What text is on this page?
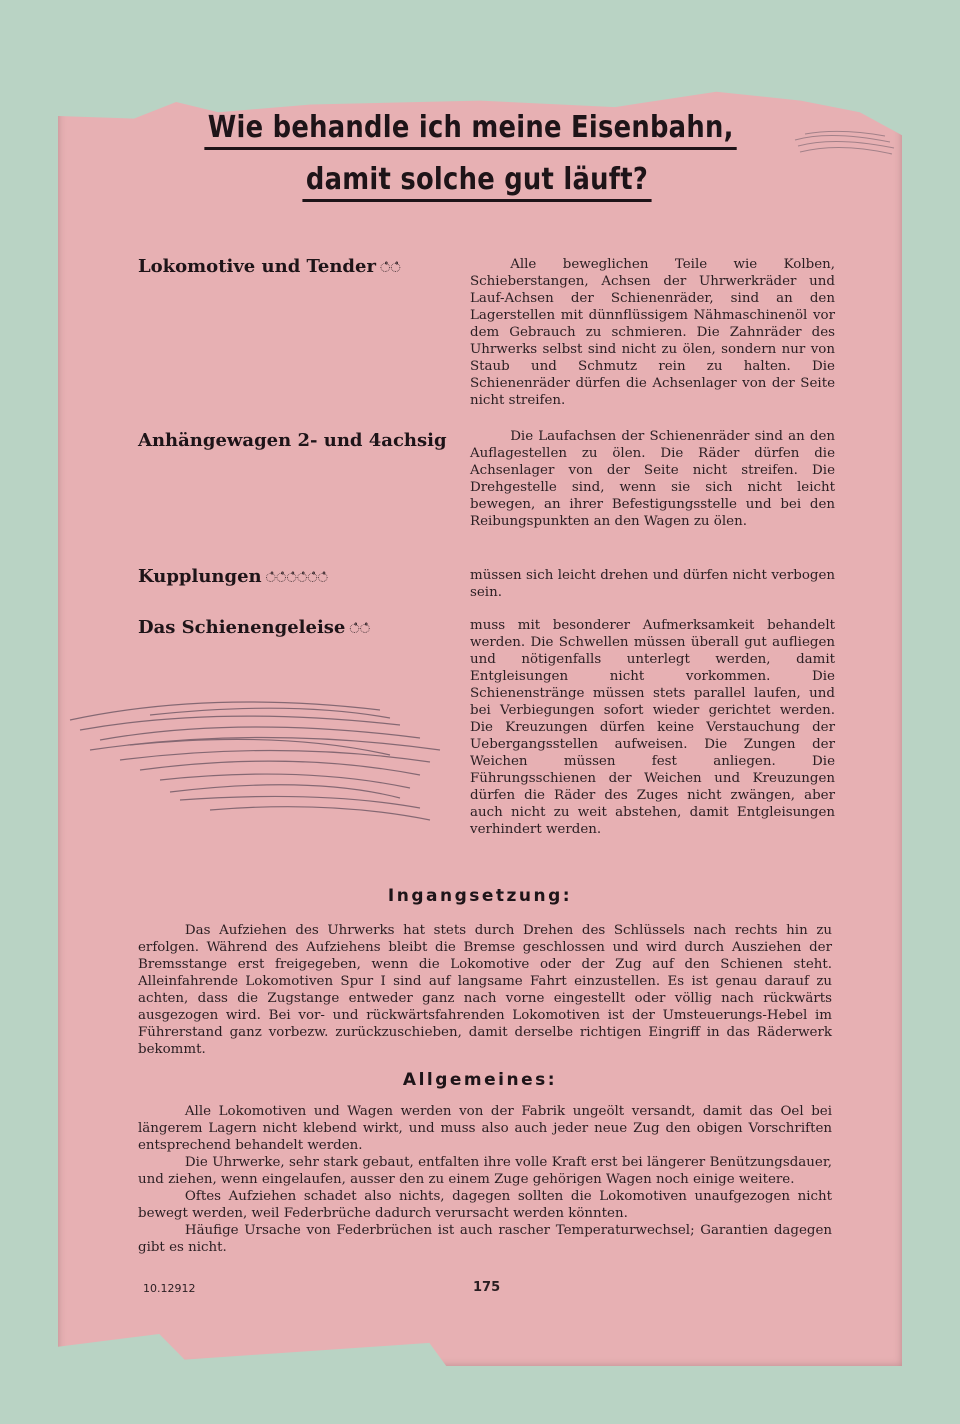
Wie behandle ich meine Eisenbahn,
damit solche gut läuft?
Lokomotive und Tender ഀഀഀഀ	Alle beweglichen Teile wie Kolben, Schieberstangen, Achsen der Uhrwerkräder und Lauf-Achsen der Schienenräder, sind an den Lagerstellen mit dünnflüssigem Nähmaschinenöl vor dem Gebrauch zu schmieren. Die Zahnräder des Uhrwerks selbst sind nicht zu ölen, sondern nur von Staub und Schmutz rein zu halten. Die Schienenräder dürfen die Achsenlager von der Seite nicht streifen.
Anhängewagen 2- und 4achsig	Die Laufachsen der Schienenräder sind an den Auflagestellen zu ölen. Die Räder dürfen die Achsenlager von der Seite nicht streifen. Die Drehgestelle sind, wenn sie sich nicht leicht bewegen, an ihrer Befestigungsstelle und bei den Reibungspunkten an den Wagen zu ölen.
Kupplungen ഀഀഀഀഀഀഀഀഀഀഀഀ	müssen sich leicht drehen und dürfen nicht verbogen sein.
Das Schienengeleise ഀഀഀഀ	muss mit besonderer Aufmerksamkeit behandelt werden. Die Schwellen müssen überall gut aufliegen und nötigenfalls unterlegt werden, damit Entgleisungen nicht vorkommen. Die Schienenstränge müssen stets parallel laufen, und bei Verbiegungen sofort wieder gerichtet werden. Die Kreuzungen dürfen keine Verstauchung der Uebergangsstellen aufweisen. Die Zungen der Weichen müssen fest anliegen. Die Führungsschienen der Weichen und Kreuzungen dürfen die Räder des Zuges nicht zwängen, aber auch nicht zu weit abstehen, damit Entgleisungen verhindert werden.
Ingangsetzung:
Das Aufziehen des Uhrwerks hat stets durch Drehen des Schlüssels nach rechts hin zu erfolgen. Während des Aufziehens bleibt die Bremse geschlossen und wird durch Ausziehen der Bremsstange erst freigegeben, wenn die Lokomotive oder der Zug auf den Schienen steht. Alleinfahrende Lokomotiven Spur I sind auf langsame Fahrt einzustellen. Es ist genau darauf zu achten, dass die Zugstange entweder ganz nach vorne eingestellt oder völlig nach rückwärts ausgezogen wird. Bei vor- und rückwärtsfahrenden Lokomotiven ist der Umsteuerungs-Hebel im Führerstand ganz vorbezw. zurückzuschieben, damit derselbe richtigen Eingriff in das Räderwerk bekommt.
Allgemeines:

Alle Lokomotiven und Wagen werden von der Fabrik ungeölt versandt, damit das Oel bei längerem Lagern nicht klebend wirkt, und muss also auch jeder neue Zug den obigen Vorschriften entsprechend behandelt werden.

Die Uhrwerke, sehr stark gebaut, entfalten ihre volle Kraft erst bei längerer Benützungsdauer, und ziehen, wenn eingelaufen, ausser den zu einem Zuge gehörigen Wagen noch einige weitere.

Oftes Aufziehen schadet also nichts, dagegen sollten die Lokomotiven unaufgezogen nicht bewegt werden, weil Federbrüche dadurch verursacht werden könnten.

Häufige Ursache von Federbrüchen ist auch rascher Temperaturwechsel; Garantien dagegen gibt es nicht.

10.12912	175
